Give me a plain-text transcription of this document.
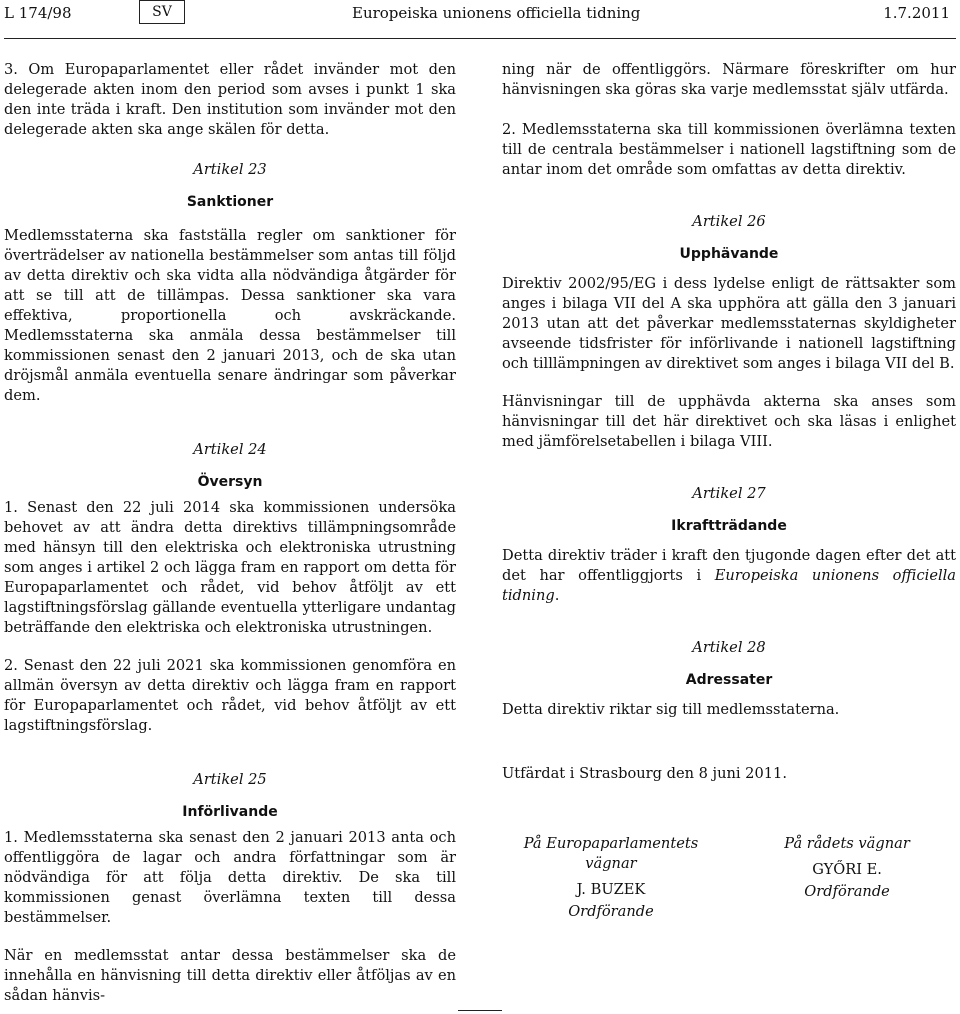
L 174/98	SV	Europeiska unionens officiella tidning	1.7.2011

3. Om Europaparlamentet eller rådet invänder mot den delegerade akten inom den period som avses i punkt 1 ska den inte träda i kraft. Den institution som invänder mot den delegerade akten ska ange skälen för detta.

Artikel 23

Sanktioner

Medlemsstaterna ska fastställa regler om sanktioner för överträdelser av nationella bestämmelser som antas till följd av detta direktiv och ska vidta alla nödvändiga åtgärder för att se till att de tillämpas. Dessa sanktioner ska vara effektiva, proportionella och avskräckande. Medlemsstaterna ska anmäla dessa bestämmelser till kommissionen senast den 2 januari 2013, och de ska utan dröjsmål anmäla eventuella senare ändringar som påverkar dem.

Artikel 24

Översyn

1. Senast den 22 juli 2014 ska kommissionen undersöka behovet av att ändra detta direktivs tillämpningsområde med hänsyn till den elektriska och elektroniska utrustning som anges i artikel 2 och lägga fram en rapport om detta för Europaparlamentet och rådet, vid behov åtföljt av ett lagstiftningsförslag gällande eventuella ytterligare undantag beträffande den elektriska och elektroniska utrustningen.

2. Senast den 22 juli 2021 ska kommissionen genomföra en allmän översyn av detta direktiv och lägga fram en rapport för Europaparlamentet och rådet, vid behov åtföljt av ett lagstiftningsförslag.

Artikel 25

Införlivande

1. Medlemsstaterna ska senast den 2 januari 2013 anta och offentliggöra de lagar och andra författningar som är nödvändiga för att följa detta direktiv. De ska till kommissionen genast överlämna texten till dessa bestämmelser.

När en medlemsstat antar dessa bestämmelser ska de innehålla en hänvisning till detta direktiv eller åtföljas av en sådan hänvis-

ning när de offentliggörs. Närmare föreskrifter om hur hänvisningen ska göras ska varje medlemsstat själv utfärda.

2. Medlemsstaterna ska till kommissionen överlämna texten till de centrala bestämmelser i nationell lagstiftning som de antar inom det område som omfattas av detta direktiv.

Artikel 26

Upphävande

Direktiv 2002/95/EG i dess lydelse enligt de rättsakter som anges i bilaga VII del A ska upphöra att gälla den 3 januari 2013 utan att det påverkar medlemsstaternas skyldigheter avseende tidsfrister för införlivande i nationell lagstiftning och tilllämpningen av direktivet som anges i bilaga VII del B.

Hänvisningar till de upphävda akterna ska anses som hänvisningar till det här direktivet och ska läsas i enlighet med jämförelsetabellen i bilaga VIII.

Artikel 27

Ikraftträdande

Detta direktiv träder i kraft den tjugonde dagen efter det att det har offentliggjorts i Europeiska unionens officiella tidning.

Artikel 28

Adressater

Detta direktiv riktar sig till medlemsstaterna.

Utfärdat i Strasbourg den 8 juni 2011.

På Europaparlamentets vägnar
J. BUZEK
Ordförande
På rådets vägnar
GYŐRI E.
Ordförande
